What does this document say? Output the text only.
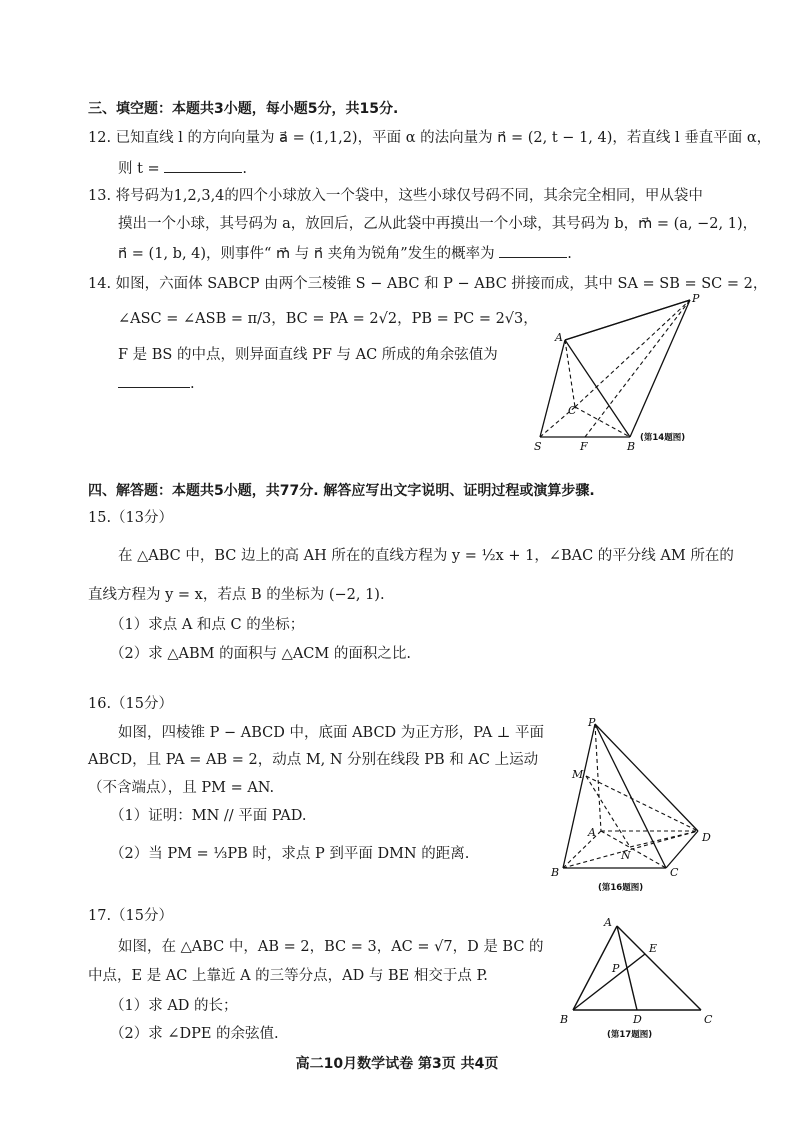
三、填空题：本题共3小题，每小题5分，共15分.
12. 已知直线 l 的方向向量为 a⃗ = (1,1,2)，平面 α 的法向量为 n⃗ = (2, t − 1, 4)，若直线 l 垂直平面 α，
则 t =	.
13. 将号码为1,2,3,4的四个小球放入一个袋中，这些小球仅号码不同，其余完全相同，甲从袋中
摸出一个小球，其号码为 a，放回后，乙从此袋中再摸出一个小球，其号码为 b，m⃗ = (a, −2, 1)，
n⃗ = (1, b, 4)，则事件“ m⃗ 与 n⃗ 夹角为锐角”发生的概率为	.
14. 如图，六面体 SABCP 由两个三棱锥 S − ABC 和 P − ABC 拼接而成，其中 SA = SB = SC = 2，
∠ASC = ∠ASB = π/3，BC = PA = 2√2，PB = PC = 2√3，
F 是 BS 的中点，则异面直线 PF 与 AC 所成的角余弦值为
.
A
P
C
S	F	B
(第14题图)
四、解答题：本题共5小题，共77分. 解答应写出文字说明、证明过程或演算步骤.
15.（13分）
在 △ABC 中，BC 边上的高 AH 所在的直线方程为 y = ½x + 1，∠BAC 的平分线 AM 所在的
直线方程为 y = x，若点 B 的坐标为 (−2, 1).
（1）求点 A 和点 C 的坐标；
（2）求 △ABM 的面积与 △ACM 的面积之比.
16.（15分）
如图，四棱锥 P − ABCD 中，底面 ABCD 为正方形，PA ⊥ 平面
ABCD，且 PA = AB = 2，动点 M, N 分别在线段 PB 和 AC 上运动
（不含端点），且 PM = AN.
（1）证明：MN // 平面 PAD.
（2）当 PM = ⅓PB 时，求点 P 到平面 DMN 的距离.
P
M
A
N
D
B	C
(第16题图)
17.（15分）
如图，在 △ABC 中，AB = 2，BC = 3，AC = √7，D 是 BC 的
中点，E 是 AC 上靠近 A 的三等分点，AD 与 BE 相交于点 P.
（1）求 AD 的长；
（2）求 ∠DPE 的余弦值.
A
E
P
B	D	C
(第17题图)
高二10月数学试卷 第3页 共4页
